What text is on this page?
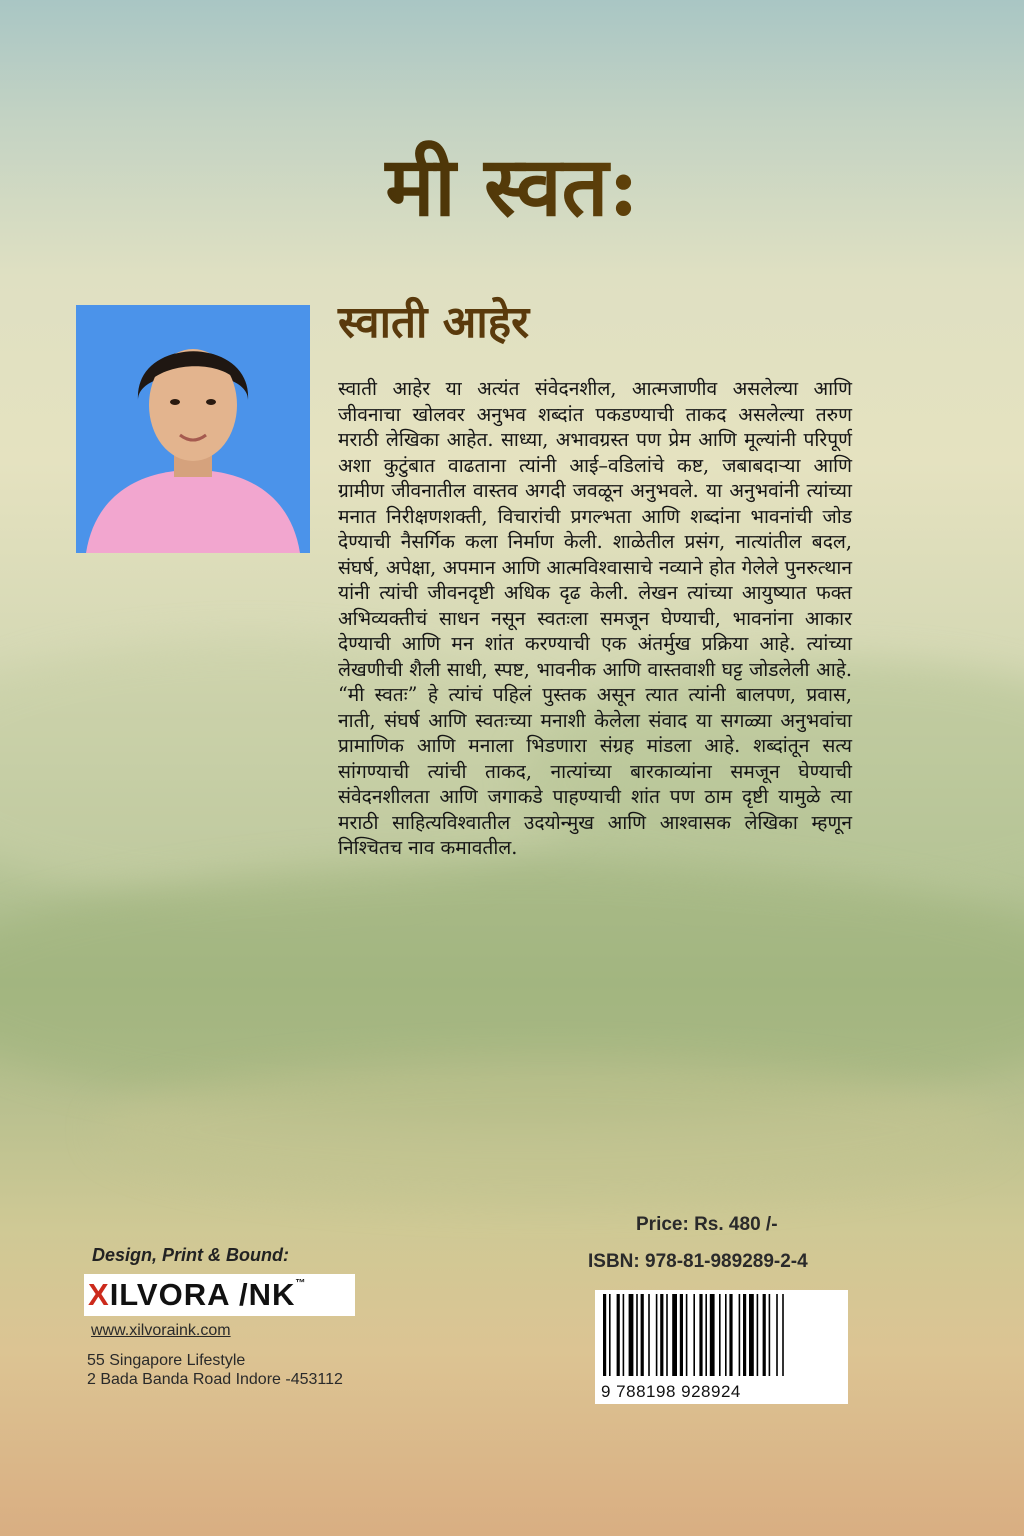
मी स्वत:
स्वाती आहेर

स्वाती आहेर या अत्यंत संवेदनशील, आत्मजाणीव असलेल्या आणि जीवनाचा खोलवर अनुभव शब्दांत पकडण्याची ताकद असलेल्या तरुण मराठी लेखिका आहेत. साध्या, अभावग्रस्त पण प्रेम आणि मूल्यांनी परिपूर्ण अशा कुटुंबात वाढताना त्यांनी आई–वडिलांचे कष्ट, जबाबदाऱ्या आणि ग्रामीण जीवनातील वास्तव अगदी जवळून अनुभवले. या अनुभवांनी त्यांच्या मनात निरीक्षणशक्ती, विचारांची प्रगल्भता आणि शब्दांना भावनांची जोड देण्याची नैसर्गिक कला निर्माण केली. शाळेतील प्रसंग, नात्यांतील बदल, संघर्ष, अपेक्षा, अपमान आणि आत्मविश्वासाचे नव्याने होत गेलेले पुनरुत्थान यांनी त्यांची जीवनदृष्टी अधिक दृढ केली. लेखन त्यांच्या आयुष्यात फक्त अभिव्यक्तीचं साधन नसून स्वतःला समजून घेण्याची, भावनांना आकार देण्याची आणि मन शांत करण्याची एक अंतर्मुख प्रक्रिया आहे. त्यांच्या लेखणीची शैली साधी, स्पष्ट, भावनीक आणि वास्तवाशी घट्ट जोडलेली आहे. “मी स्वतः” हे त्यांचं पहिलं पुस्तक असून त्यात त्यांनी बालपण, प्रवास, नाती, संघर्ष आणि स्वतःच्या मनाशी केलेला संवाद या सगळ्या अनुभवांचा प्रामाणिक आणि मनाला भिडणारा संग्रह मांडला आहे. शब्दांतून सत्य सांगण्याची त्यांची ताकद, नात्यांच्या बारकाव्यांना समजून घेण्याची संवेदनशीलता आणि जगाकडे पाहण्याची शांत पण ठाम दृष्टी यामुळे त्या मराठी साहित्यविश्वातील उदयोन्मुख आणि आश्वासक लेखिका म्हणून निश्चितच नाव कमावतील.

Design, Print & Bound:
XILVORA /NK™
www.xilvoraink.com
55 Singapore Lifestyle
2 Bada Banda Road Indore -453112
Price: Rs. 480 /-
ISBN: 978-81-989289-2-4
9 788198 928924
